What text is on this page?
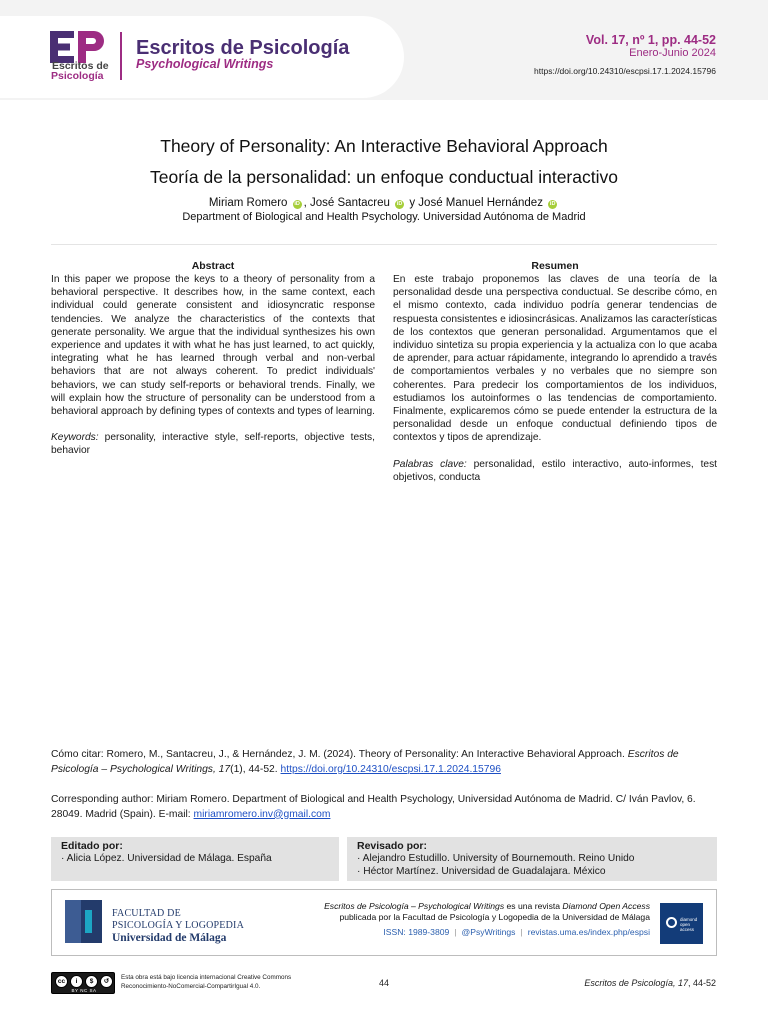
Escritos de
Psicología
Escritos de Psicología
Psychological Writings
Vol. 17, nº 1, pp. 44-52
Enero-Junio 2024
https://doi.org/10.24310/escpsi.17.1.2024.15796
Theory of Personality: An Interactive Behavioral Approach
Teoría de la personalidad: un enfoque conductual interactivo
Miriam Romero iD , José Santacreu iD y José Manuel Hernández iD
Department of Biological and Health Psychology. Universidad Autónoma de Madrid
Abstract

In this paper we propose the keys to a theory of personality from a behavioral perspective. It describes how, in the same context, each individual could generate consistent and idiosyncratic response tendencies. We analyze the characteristics of the contexts that generate personality. We argue that the individual synthesizes his own experience and updates it with what he has just learned, to act quickly, integrating what he has learned through verbal and non-verbal behaviors that are not always coherent. To predict individuals' behaviors, we can study self-reports or behavioral trends. Finally, we will explain how the structure of personality can be understood from a behavioral approach by defining types of contexts and types of learning.

Keywords: personality, interactive style, self-reports, objective tests, behavior

Resumen

En este trabajo proponemos las claves de una teoría de la personalidad desde una perspectiva conductual. Se describe cómo, en el mismo contexto, cada individuo podría generar tendencias de respuesta consistentes e idiosincrásicas. Analizamos las características de los contextos que generan personalidad. Argumentamos que el individuo sintetiza su propia experiencia y la actualiza con lo que acaba de aprender, para actuar rápidamente, integrando lo aprendido a través de comportamientos verbales y no verbales que no siempre son coherentes. Para predecir los comportamientos de los individuos, estudiamos los autoinformes o las tendencias de comportamiento. Finalmente, explicaremos cómo se puede entender la estructura de la personalidad desde un enfoque conductual definiendo tipos de contextos y tipos de aprendizaje.

Palabras clave: personalidad, estilo interactivo, auto-informes, test objetivos, conducta

Cómo citar: Romero, M., Santacreu, J., & Hernández, J. M. (2024). Theory of Personality: An Interactive Behavioral Approach. Escritos de Psicología – Psychological Writings, 17(1), 44-52. https://doi.org/10.24310/escpsi.17.1.2024.15796
Corresponding author: Miriam Romero. Department of Biological and Health Psychology, Universidad Autónoma de Madrid. C/ Iván Pavlov, 6. 28049. Madrid (Spain). E-mail: miriamromero.inv@gmail.com
Editado por:
· Alicia López. Universidad de Málaga. España
Revisado por:
· Alejandro Estudillo. University of Bournemouth. Reino Unido
· Héctor Martínez. Universidad de Guadalajara. México
FACULTAD DE
PSICOLOGÍA Y LOGOPEDIA
Universidad de Málaga
Escritos de Psicología – Psychological Writings es una revista Diamond Open Access
publicada por la Facultad de Psicología y Logopedia de la Universidad de Málaga
ISSN: 1989-3809 | @PsyWritings | revistas.uma.es/index.php/espsi
diamond
open
access
cc	i	$	↺
BY NC SA
Esta obra está bajo licencia internacional Creative Commons
Reconocimiento-NoComercial-CompartirIgual 4.0.	44	Escritos de Psicología, 17, 44-52
